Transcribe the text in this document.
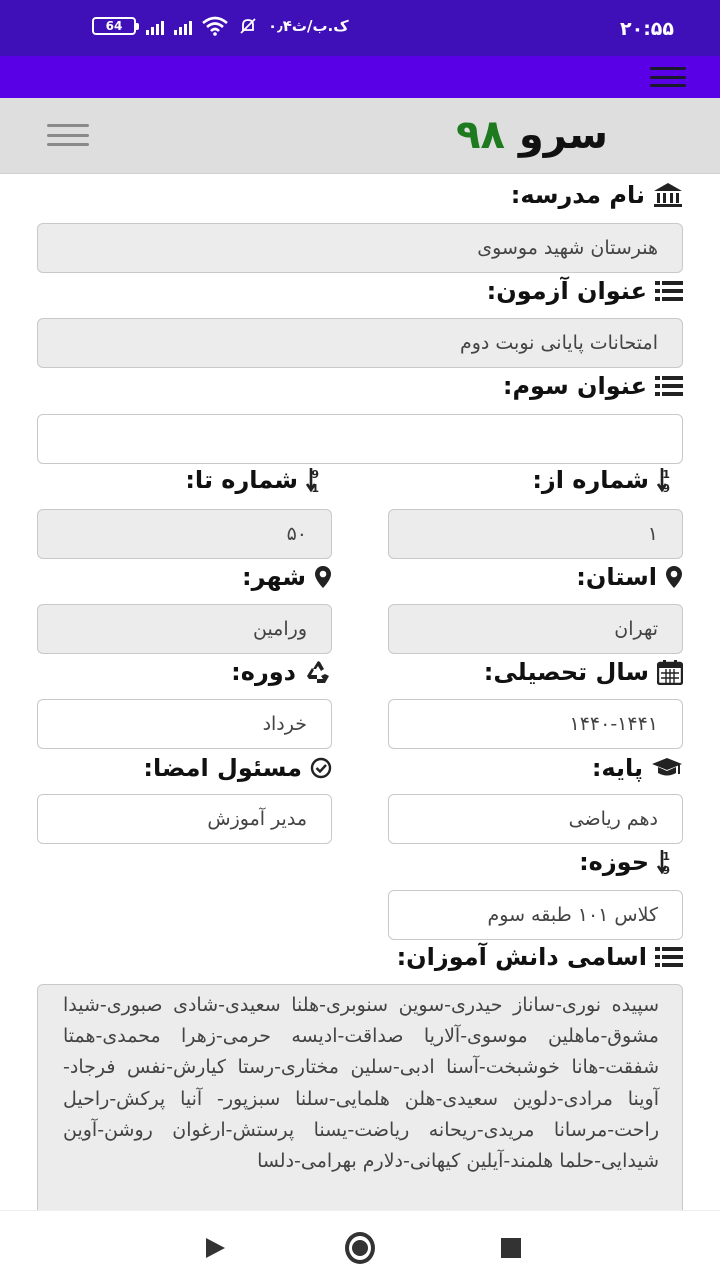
64	۰٫۴ک.ب/ث	۲۰:۵۵
سرو ۹۸
نام مدرسه:
هنرستان شهید موسوی
عنوان آزمون:
امتحانات پایانی نوبت دوم
عنوان سوم:
1
9
شماره از:
9
1
شماره تا:
۱
۵۰
استان:
شهر:
تهران
ورامین
سال تحصیلی:
دوره:
۱۴۴۰-۱۴۴۱
خرداد
پایه:
مسئول امضا:
دهم ریاضی
مدیر آموزش
1
9
حوزه:
کلاس ۱۰۱ طبقه سوم
اسامی دانش آموزان:
سپیده نوری-ساناز حیدری-سوین سنوبری-هلنا سعیدی-شادی صبوری-شیدا مشوق-ماهلین موسوی-آلاریا صداقت-ادیسه حرمی-زهرا محمدی-همتا شفقت-هانا خوشبخت-آسنا ادبی-سلین مختاری-رستا کیارش-نفس فرجاد-آوینا مرادی-دلوین سعیدی-هلن هلمایی-سلنا سبزپور- آنیا پرکش-راحیل راحت-مرسانا مریدی-ریحانه ریاضت-یسنا پرستش-ارغوان روشن-آوین شیدایی-حلما هلمند-آیلین کیهانی-دلارم بهرامی-دلسا
